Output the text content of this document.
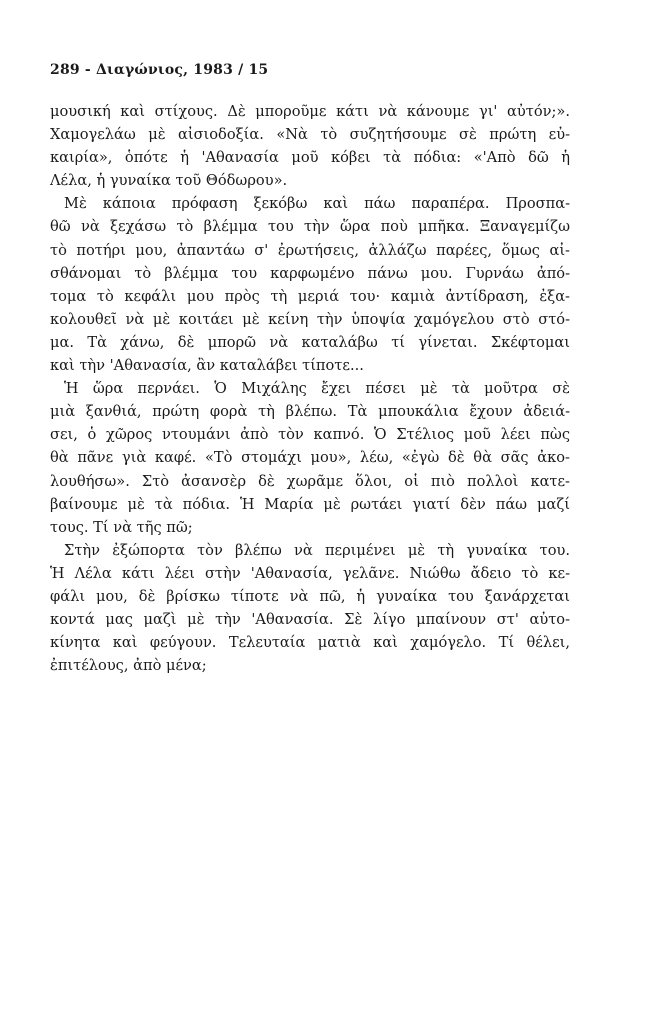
289 - Διαγώνιος, 1983 / 15
μουσική καὶ στίχους. Δὲ μποροῦμε κάτι νὰ κάνουμε γι' αὐτόν;».
Χαμογελάω μὲ αἰσιοδοξία. «Νὰ τὸ συζητήσουμε σὲ πρώτη εὐ-
καιρία», ὁπότε ἡ 'Αθανασία μοῦ κόβει τὰ πόδια: «'Απὸ δῶ ἡ
Λέλα, ἡ γυναίκα τοῦ Θόδωρου».
Μὲ κάποια πρόφαση ξεκόβω καὶ πάω παραπέρα. Προσπα-
θῶ νὰ ξεχάσω τὸ βλέμμα του τὴν ὥρα ποὺ μπῆκα. Ξαναγεμίζω
τὸ ποτήρι μου, ἀπαντάω σ' ἐρωτήσεις, ἀλλάζω παρέες, ὅμως αἰ-
σθάνομαι τὸ βλέμμα του καρφωμένο πάνω μου. Γυρνάω ἀπό-
τομα τὸ κεφάλι μου πρὸς τὴ μεριά του· καμιὰ ἀντίδραση, ἐξα-
κολουθεῖ νὰ μὲ κοιτάει μὲ κείνη τὴν ὑποψία χαμόγελου στὸ στό-
μα. Τὰ χάνω, δὲ μπορῶ νὰ καταλάβω τί γίνεται. Σκέφτομαι
καὶ τὴν 'Αθανασία, ἂν καταλάβει τίποτε...
Ἡ ὥρα περνάει. Ὁ Μιχάλης ἔχει πέσει μὲ τὰ μοῦτρα σὲ
μιὰ ξανθιά, πρώτη φορὰ τὴ βλέπω. Τὰ μπουκάλια ἔχουν ἀδειά-
σει, ὁ χῶρος ντουμάνι ἀπὸ τὸν καπνό. Ὁ Στέλιος μοῦ λέει πὼς
θὰ πᾶνε γιὰ καφέ. «Τὸ στομάχι μου», λέω, «ἐγὼ δὲ θὰ σᾶς ἀκο-
λουθήσω». Στὸ ἀσανσὲρ δὲ χωρᾶμε ὅλοι, οἱ πιὸ πολλοὶ κατε-
βαίνουμε μὲ τὰ πόδια. Ἡ Μαρία μὲ ρωτάει γιατί δὲν πάω μαζί
τους. Τί νὰ τῆς πῶ;
Στὴν ἐξώπορτα τὸν βλέπω νὰ περιμένει μὲ τὴ γυναίκα του.
Ἡ Λέλα κάτι λέει στὴν 'Αθανασία, γελᾶνε. Νιώθω ἄδειο τὸ κε-
φάλι μου, δὲ βρίσκω τίποτε νὰ πῶ, ἡ γυναίκα του ξανάρχεται
κοντά μας μαζὶ μὲ τὴν 'Αθανασία. Σὲ λίγο μπαίνουν στ' αὐτο-
κίνητα καὶ φεύγουν. Τελευταία ματιὰ καὶ χαμόγελο. Τί θέλει,
ἐπιτέλους, ἀπὸ μένα;
